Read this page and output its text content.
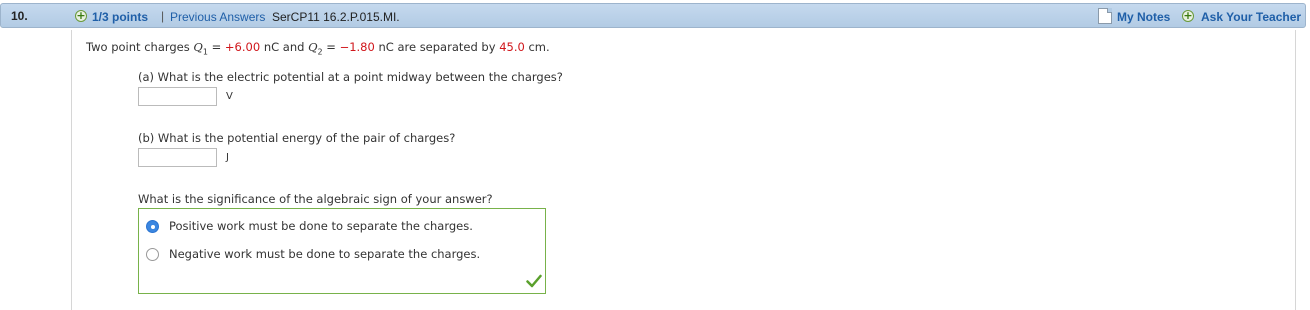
10.	+ 1/3 points | Previous Answers SerCP11 16.2.P.015.MI.	My Notes + Ask Your Teacher
Two point charges $Q_1 = +6.00$ nC and $Q_2 = -1.80$ nC are separated by 45.0 cm.
(a) What is the electric potential at a point midway between the charges?
V
(b) What is the potential energy of the pair of charges?
J
What is the significance of the algebraic sign of your answer?
Positive work must be done to separate the charges.
Negative work must be done to separate the charges.
